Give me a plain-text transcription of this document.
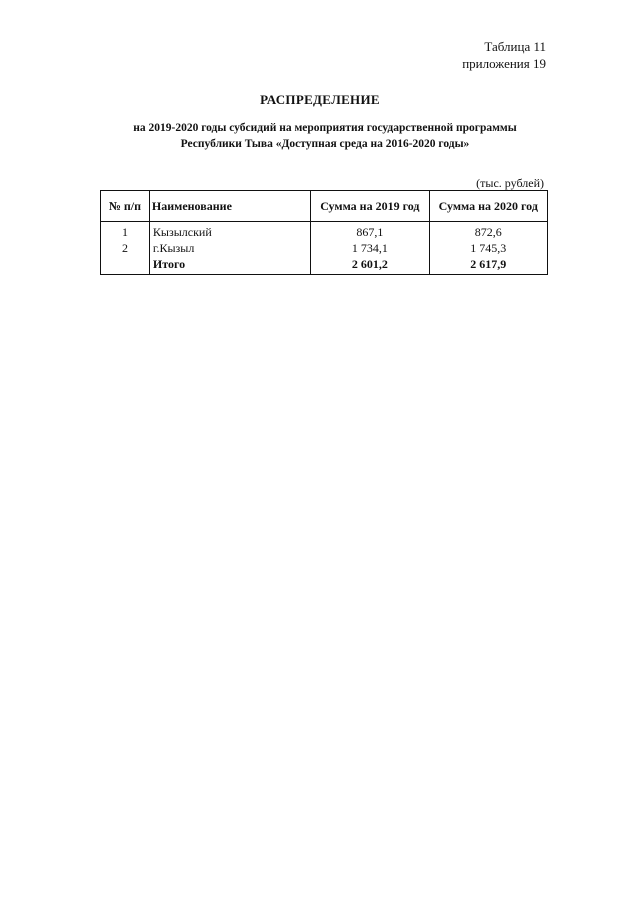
Таблица 11
приложения 19
РАСПРЕДЕЛЕНИЕ
на 2019-2020 годы субсидий на мероприятия государственной программы
Республики Тыва «Доступная среда на 2016-2020 годы»
(тыс. рублей)
№ п/п	Наименование	Сумма на 2019 год	Сумма на 2020 год
1	Кызылский	867,1	872,6
2	г.Кызыл	1 734,1	1 745,3
	Итого	2 601,2	2 617,9
